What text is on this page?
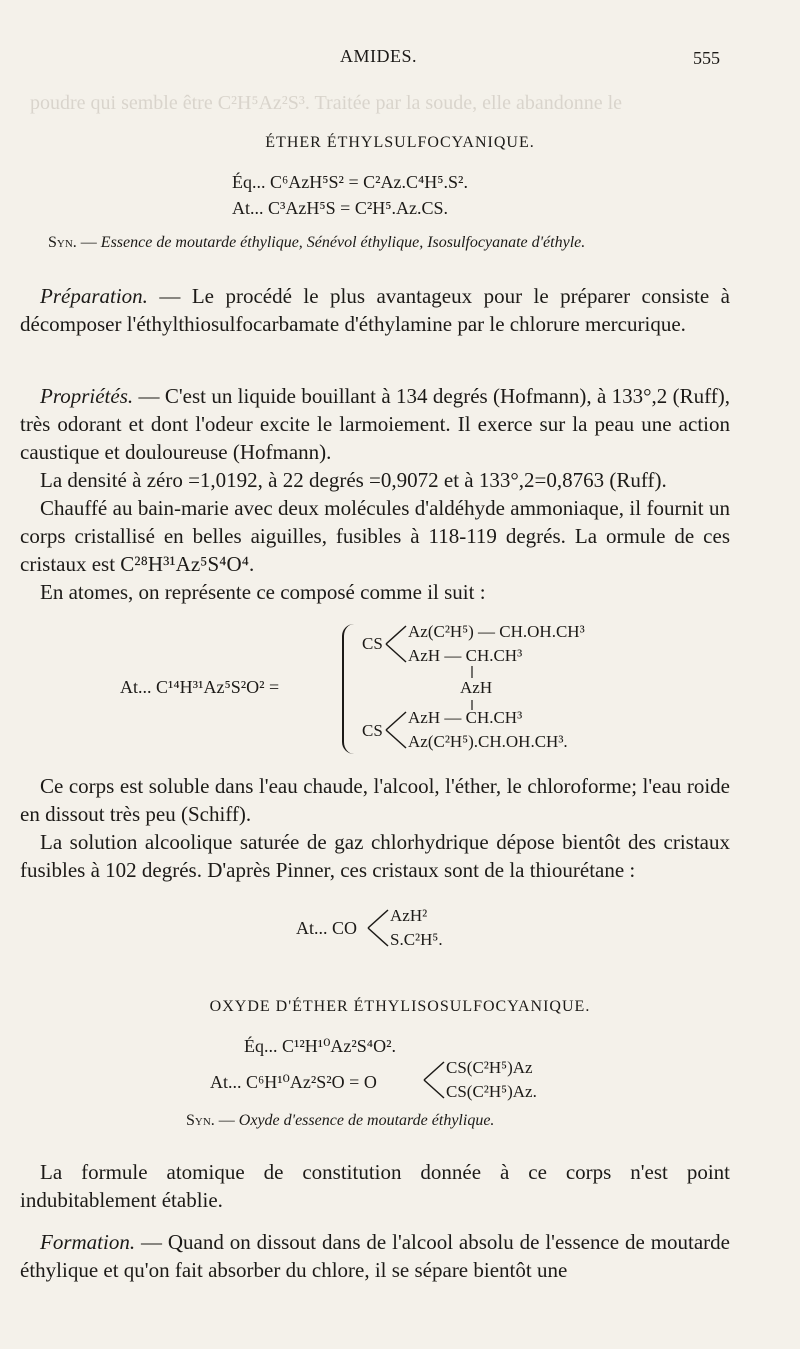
poudre qui semble être C²H⁵Az²S³. Traitée par la soude, elle abandonne le
AMIDES.	555
ÉTHER ÉTHYLSULFOCYANIQUE.
Éq... C⁶AzH⁵S² = C²Az.C⁴H⁵.S².
At... C³AzH⁵S = C²H⁵.Az.CS.
Syn. — Essence de moutarde éthylique, Sénévol éthylique, Isosulfocyanate d'éthyle.

Préparation. — Le procédé le plus avantageux pour le préparer consiste à décomposer l'éthylthiosulfocarbamate d'éthylamine par le chlorure mercurique.

Propriétés. — C'est un liquide bouillant à 134 degrés (Hofmann), à 133°,2 (Ruff), très odorant et dont l'odeur excite le larmoiement. Il exerce sur la peau une action caustique et douloureuse (Hofmann).

La densité à zéro =1,0192, à 22 degrés =0,9072 et à 133°,2=0,8763 (Ruff).

Chauffé au bain-marie avec deux molécules d'aldéhyde ammoniaque, il fournit un corps cristallisé en belles aiguilles, fusibles à 118-119 degrés. La ormule de ces cristaux est C²⁸H³¹Az⁵S⁴O⁴.

En atomes, on représente ce composé comme il suit :

At... C¹⁴H³¹Az⁵S²O² =
CS
Az(C²H⁵) — CH.OH.CH³
AzH — CH.CH³
AzH
CS
AzH — CH.CH³
Az(C²H⁵).CH.OH.CH³.

Ce corps est soluble dans l'eau chaude, l'alcool, l'éther, le chloroforme; l'eau roide en dissout très peu (Schiff).

La solution alcoolique saturée de gaz chlorhydrique dépose bientôt des cristaux fusibles à 102 degrés. D'après Pinner, ces cristaux sont de la thiourétane :

At... CO
AzH²
S.C²H⁵.
OXYDE D'ÉTHER ÉTHYLISOSULFOCYANIQUE.
Éq... C¹²H¹⁰Az²S⁴O².
At... C⁶H¹⁰Az²S²O = O
CS(C²H⁵)Az
CS(C²H⁵)Az.
Syn. — Oxyde d'essence de moutarde éthylique.

La formule atomique de constitution donnée à ce corps n'est point indubitablement établie.

Formation. — Quand on dissout dans de l'alcool absolu de l'essence de moutarde éthylique et qu'on fait absorber du chlore, il se sépare bientôt une
